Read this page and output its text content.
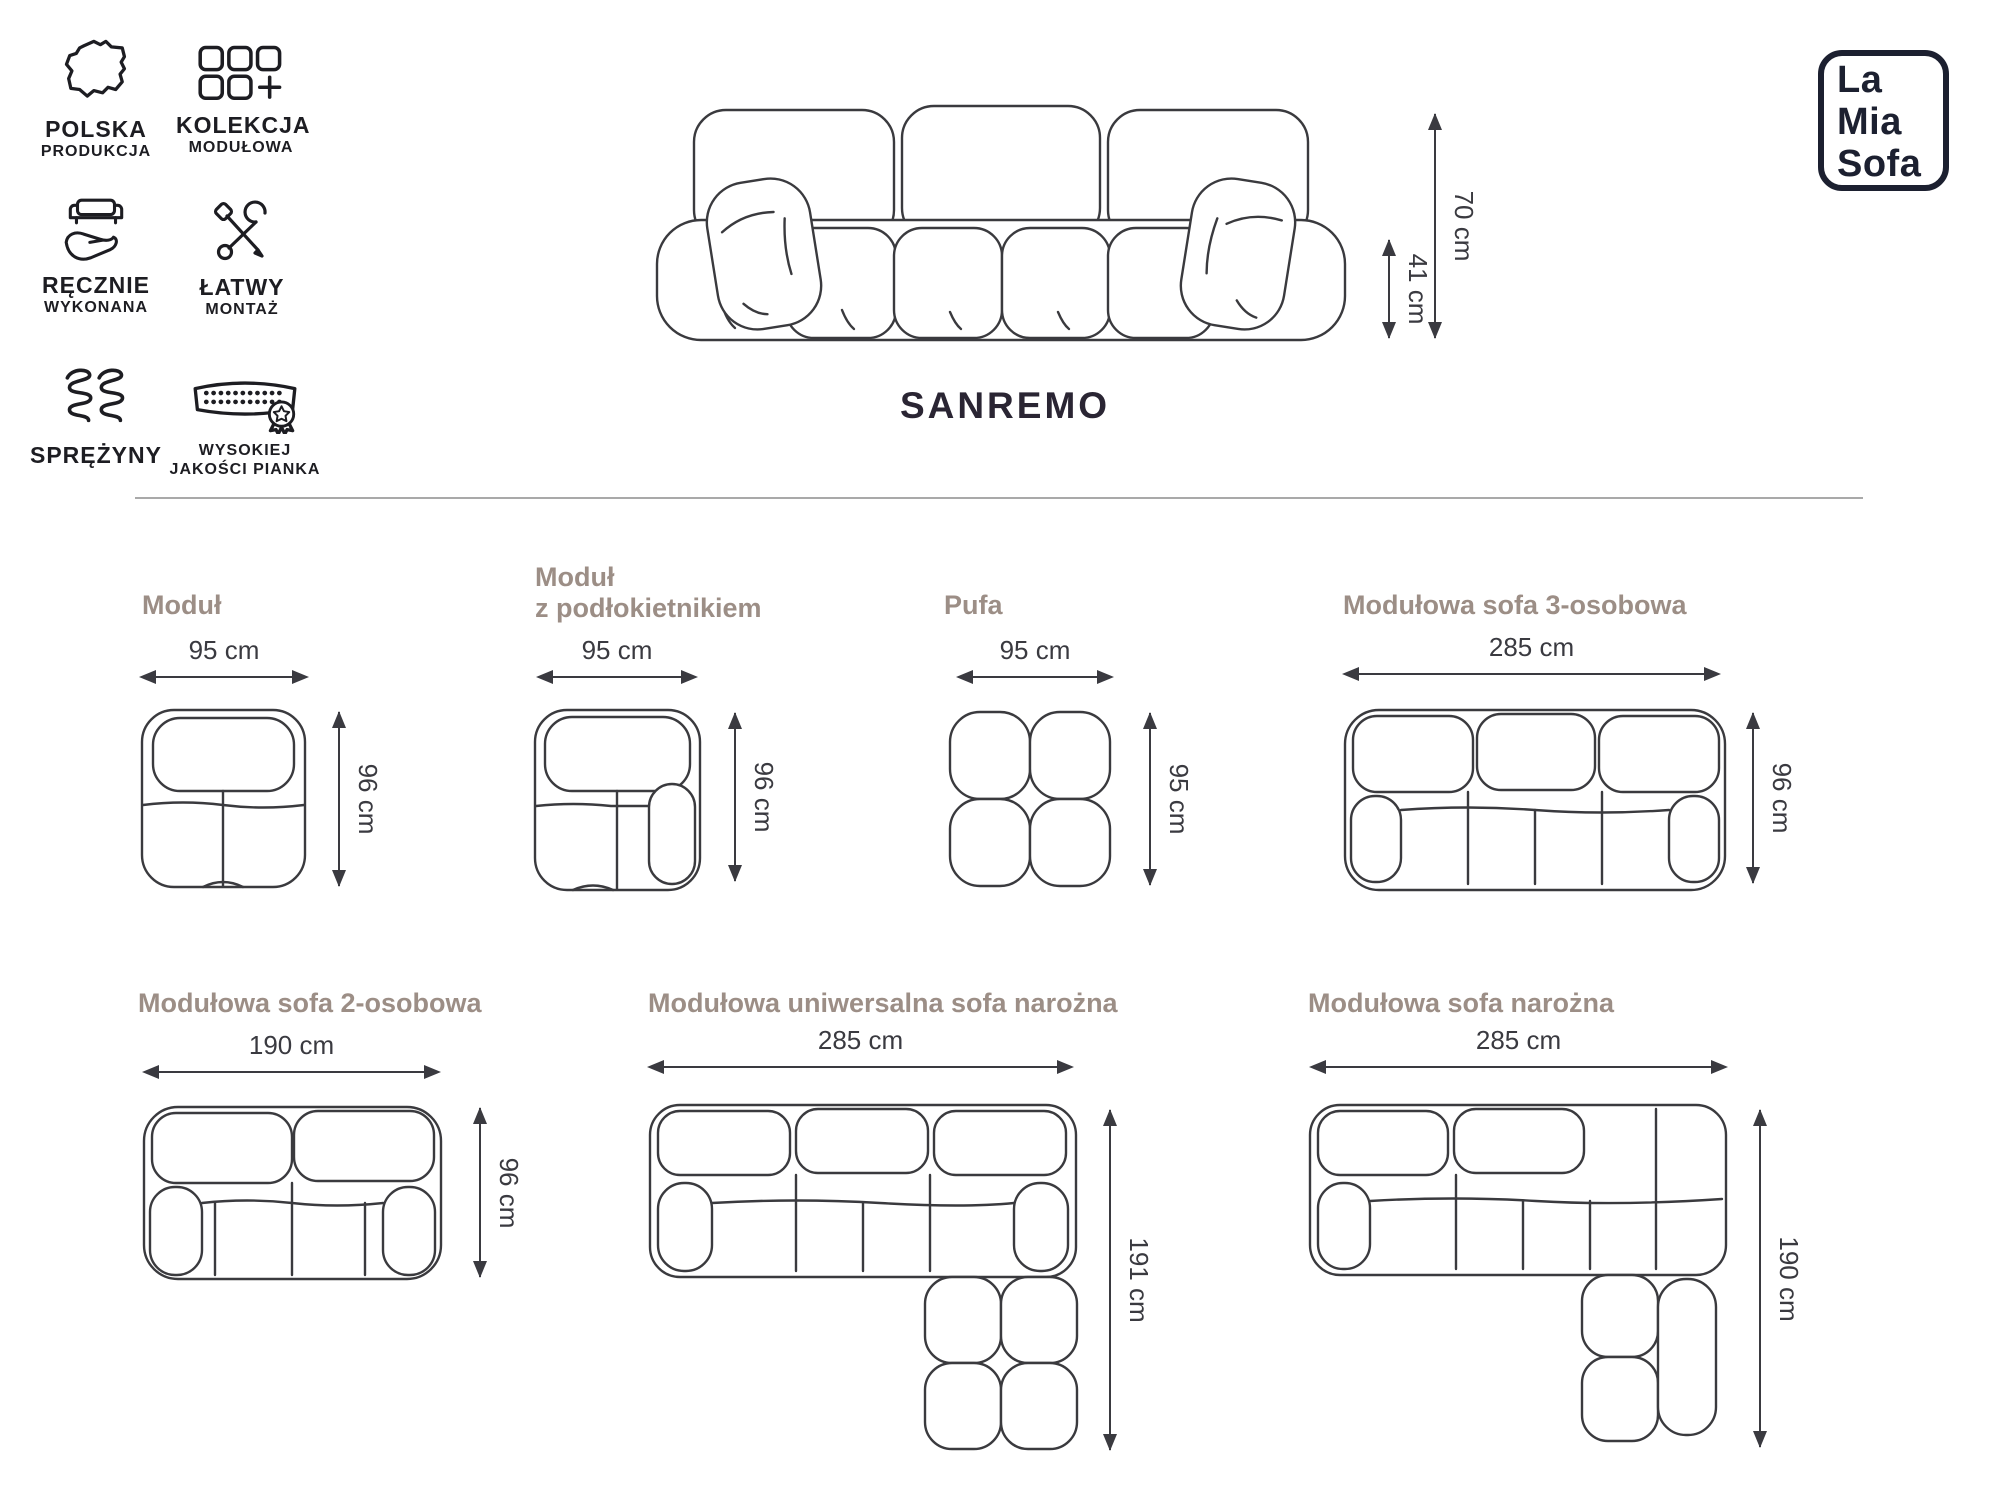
POLSKA
PRODUKCJA
KOLEKCJA
MODUŁOWA
RĘCZNIE
WYKONANA
ŁATWY
MONTAŻ
SPRĘŻYNY	WYSOKIEJ
JAKOŚCI PIANKA
La
Mia
Sofa
41 cm
70 cm
SANREMO
Moduł
95 cm
96 cm
Moduł
z podłokietnikiem
95 cm
96 cm
Pufa
95 cm
95 cm
Modułowa sofa 3-osobowa
285 cm
96 cm
Modułowa sofa 2-osobowa
190 cm
96 cm
Modułowa uniwersalna sofa narożna
285 cm
191 cm
Modułowa sofa narożna
285 cm
190 cm
